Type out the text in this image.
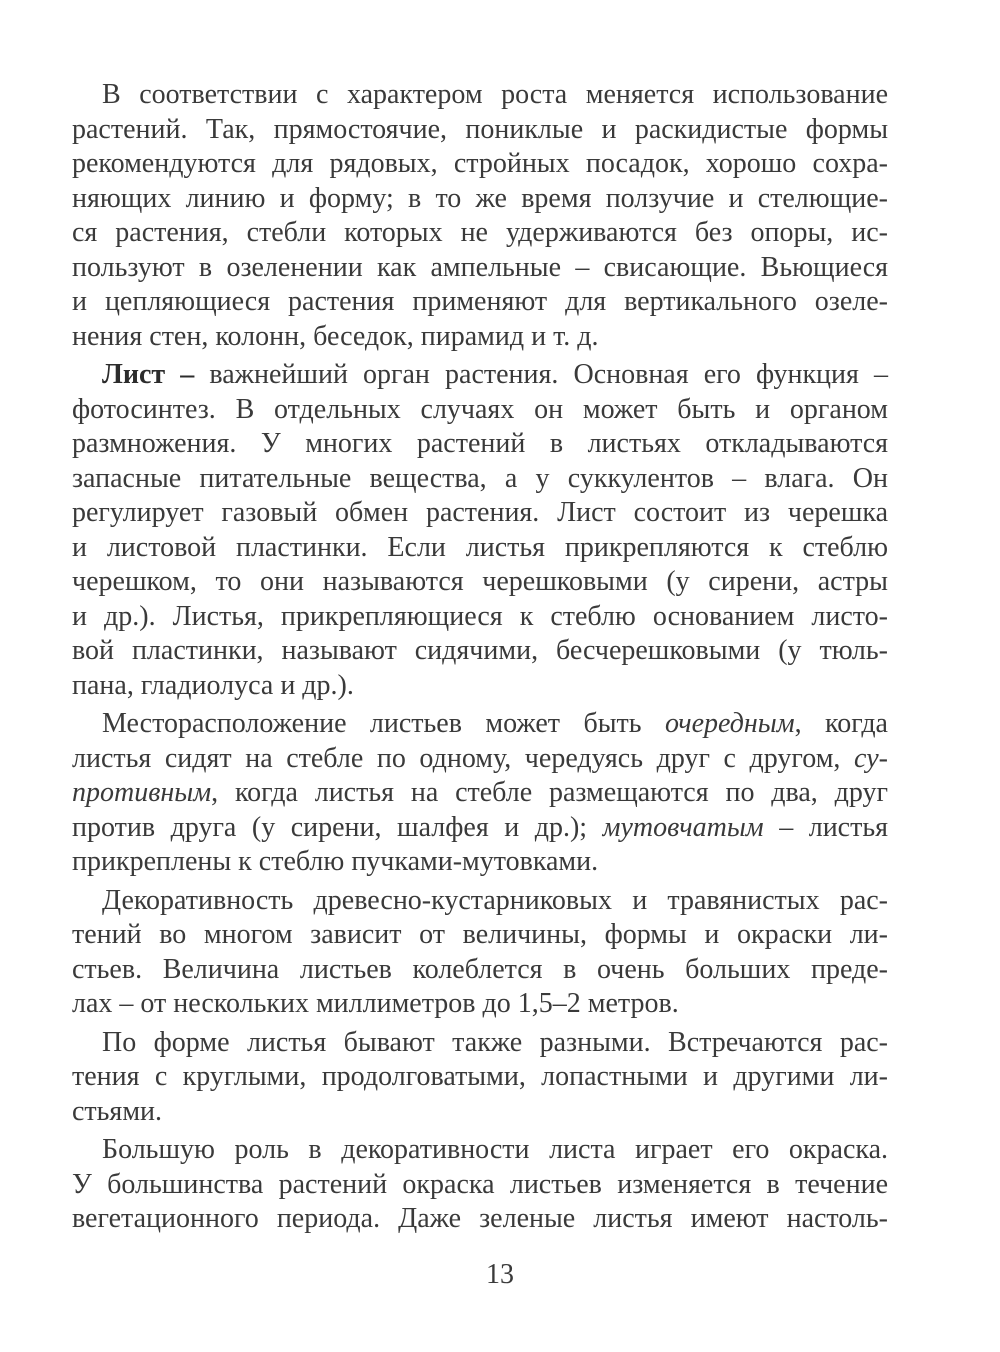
В соответствии с характером роста меняется использование
растений. Так, прямостоячие, пониклые и раскидистые формы
рекомендуются для рядовых, стройных посадок, хорошо сохра-
няющих линию и форму; в то же время ползучие и стелющие-
ся растения, стебли которых не удерживаются без опоры, ис-
пользуют в озеленении как ампельные – свисающие. Вьющиеся
и цепляющиеся растения применяют для вертикального озеле-
нения стен, колонн, беседок, пирамид и т. д.
Лист – важнейший орган растения. Основная его функция –
фотосинтез. В отдельных случаях он может быть и органом
размножения. У многих растений в листьях откладываются
запасные питательные вещества, а у суккулентов – влага. Он
регулирует газовый обмен растения. Лист состоит из черешка
и листовой пластинки. Если листья прикрепляются к стеблю
черешком, то они называются черешковыми (у сирени, астры
и др.). Листья, прикрепляющиеся к стеблю основанием листо-
вой пластинки, называют сидячими, бесчерешковыми (у тюль-
пана, гладиолуса и др.).
Месторасположение листьев может быть очередным, когда
листья сидят на стебле по одному, чередуясь друг с другом, су-
противным, когда листья на стебле размещаются по два, друг
против друга (у сирени, шалфея и др.); мутовчатым – листья
прикреплены к стеблю пучками-мутовками.
Декоративность древесно-кустарниковых и травянистых рас-
тений во многом зависит от величины, формы и окраски ли-
стьев. Величина листьев колеблется в очень больших преде-
лах – от нескольких миллиметров до 1,5–2 метров.
По форме листья бывают также разными. Встречаются рас-
тения с круглыми, продолговатыми, лопастными и другими ли-
стьями.
Большую роль в декоративности листа играет его окраска.
У большинства растений окраска листьев изменяется в течение
вегетационного периода. Даже зеленые листья имеют настоль-
13
